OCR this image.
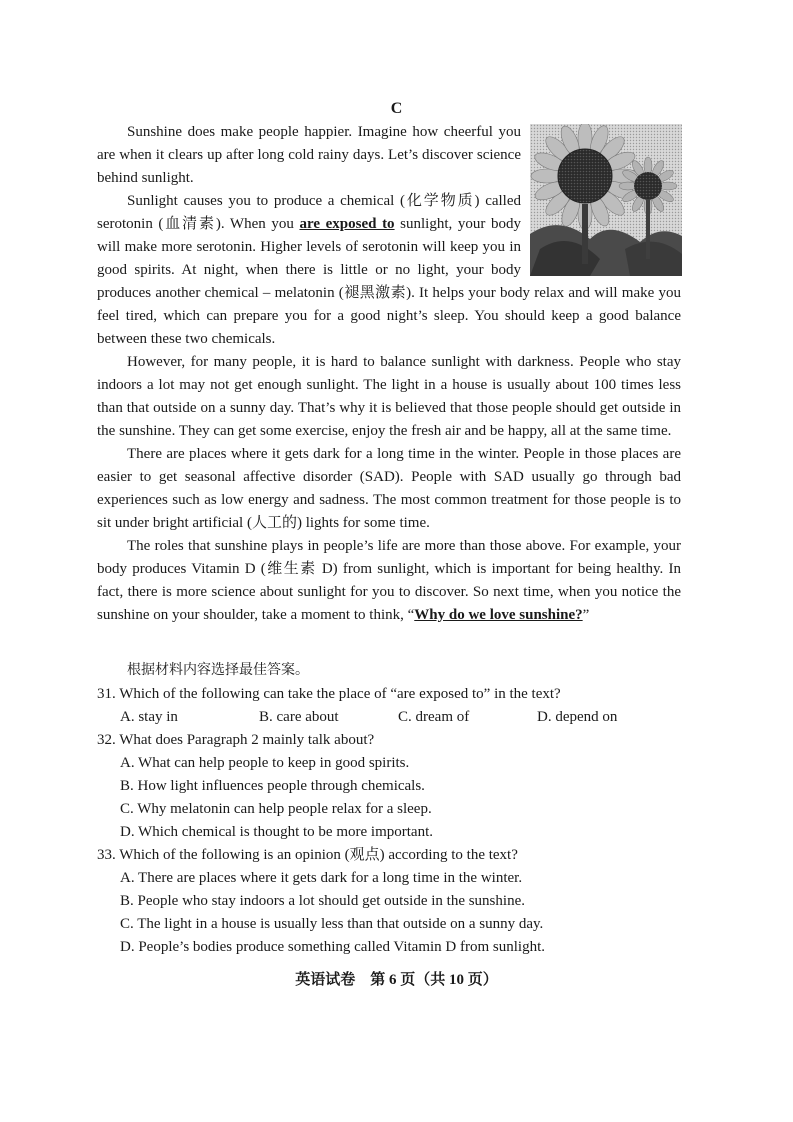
C

Sunshine does make people happier. Imagine how cheerful you are when it clears up after long cold rainy days. Let’s discover science behind sunlight.

Sunlight causes you to produce a chemical (化学物质) called serotonin (血清素). When you are exposed to sunlight, your body will make more serotonin. Higher levels of serotonin will keep you in good spirits. At night, when there is little or no light, your body produces another chemical – melatonin (褪黑激素). It helps your body relax and will make you feel tired, which can prepare you for a good night’s sleep. You should keep a good balance between these two chemicals.

However, for many people, it is hard to balance sunlight with darkness. People who stay indoors a lot may not get enough sunlight. The light in a house is usually about 100 times less than that outside on a sunny day. That’s why it is believed that those people should get outside in the sunshine. They can get some exercise, enjoy the fresh air and be happy, all at the same time.

There are places where it gets dark for a long time in the winter. People in those places are easier to get seasonal affective disorder (SAD). People with SAD usually go through bad experiences such as low energy and sadness. The most common treatment for those people is to sit under bright artificial (人工的) lights for some time.

The roles that sunshine plays in people’s life are more than those above. For example, your body produces Vitamin D (维生素 D) from sunlight, which is important for being healthy. In fact, there is more science about sunlight for you to discover. So next time, when you notice the sunshine on your shoulder, take a moment to think, “Why do we love sunshine?”

根据材料内容选择最佳答案。
31. Which of the following can take the place of “are exposed to” in the text?
A. stay in	B. care about	C. dream of	D. depend on
32. What does Paragraph 2 mainly talk about?
A. What can help people to keep in good spirits.
B. How light influences people through chemicals.
C. Why melatonin can help people relax for a sleep.
D. Which chemical is thought to be more important.
33. Which of the following is an opinion (观点) according to the text?
A. There are places where it gets dark for a long time in the winter.
B. People who stay indoors a lot should get outside in the sunshine.
C. The light in a house is usually less than that outside on a sunny day.
D. People’s bodies produce something called Vitamin D from sunlight.
英语试卷　第 6 页（共 10 页）
